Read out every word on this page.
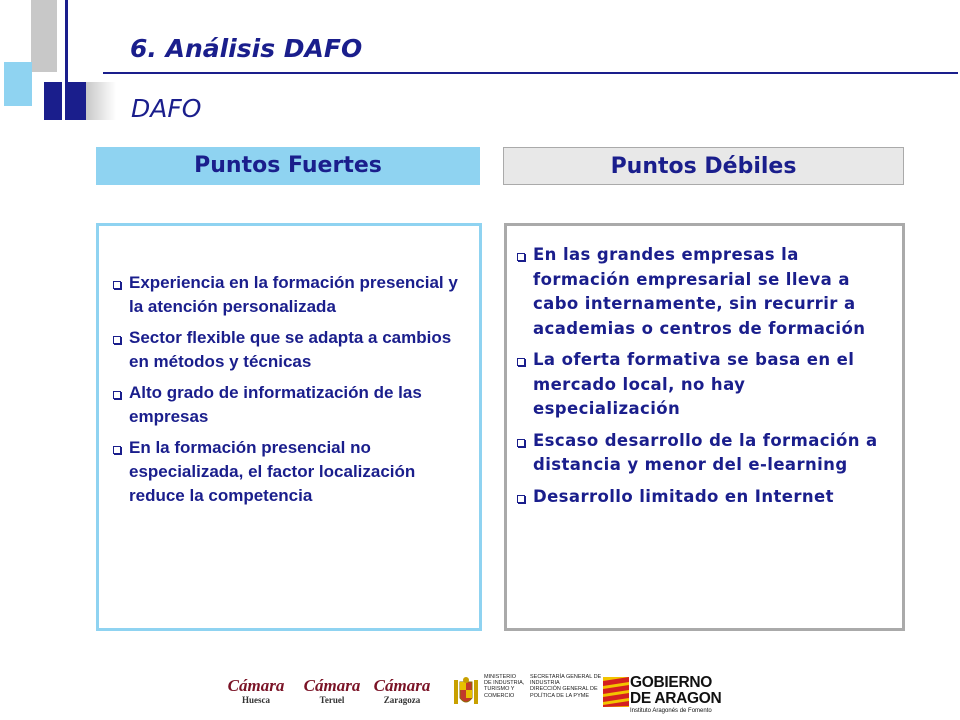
6. Análisis DAFO
DAFO
Puntos Fuertes	Puntos Débiles
Experiencia en la formación presencial y la atención personalizada
Sector flexible que se adapta a cambios en métodos y técnicas
Alto grado de informatización de las empresas
En la formación presencial no especializada, el factor localización reduce la competencia
En las grandes empresas la formación empresarial se lleva a cabo internamente, sin recurrir a academias o centros de formación
La oferta formativa se basa en el mercado local, no hay especialización
Escaso desarrollo de la formación a distancia y menor del e-learning
Desarrollo limitado en Internet
Cámara
Huesca
Cámara
Teruel
Cámara
Zaragoza
MINISTERIO
DE INDUSTRIA,
TURISMO Y
COMERCIO
SECRETARÍA GENERAL DE
INDUSTRIA
DIRECCIÓN GENERAL DE
POLÍTICA DE LA PYME
GOBIERNO
DE ARAGON
Instituto Aragonés de Fomento
